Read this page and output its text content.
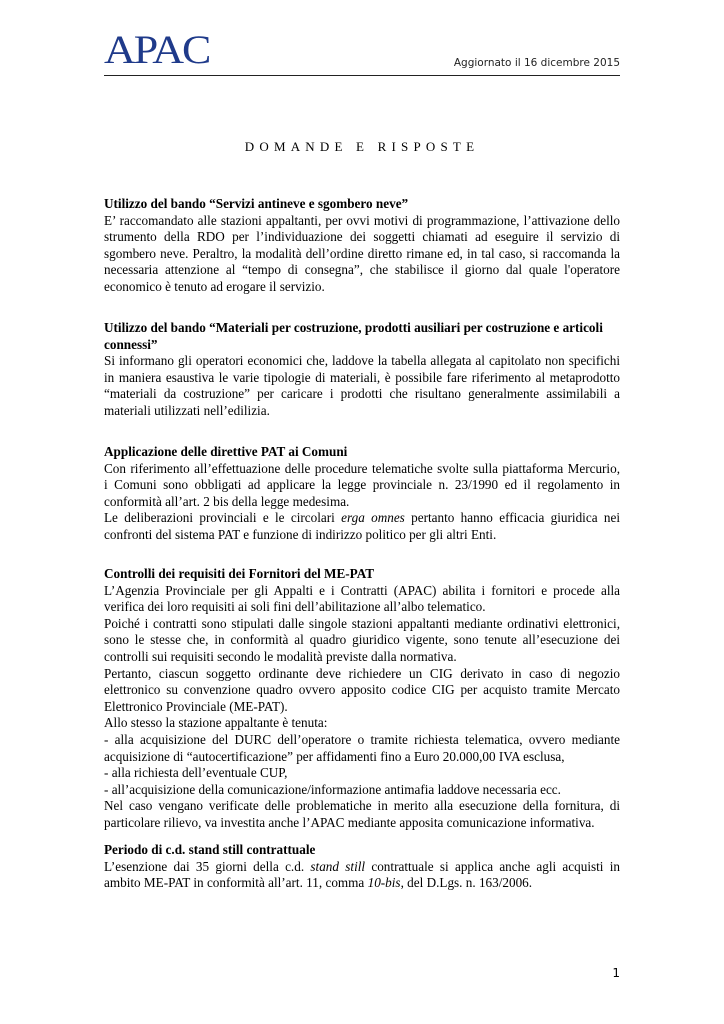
APAC	Aggiornato il 16 dicembre 2015
DOMANDE E RISPOSTE
Utilizzo del bando “Servizi antineve e sgombero neve”

E’ raccomandato alle stazioni appaltanti, per ovvi motivi di programmazione, l’attivazione dello

strumento della RDO per l’individuazione dei soggetti chiamati ad eseguire il servizio di

sgombero neve. Peraltro, la modalità dell’ordine diretto rimane ed, in tal caso, si raccomanda la

necessaria attenzione al “tempo di consegna”, che stabilisce il giorno dal quale l'operatore

economico è tenuto ad erogare il servizio.

Utilizzo del bando “Materiali per costruzione, prodotti ausiliari per costruzione e articoli connessi”

Si informano gli operatori economici che, laddove la tabella allegata al capitolato non specifichi

in maniera esaustiva le varie tipologie di materiali, è possibile fare riferimento al metaprodotto

“materiali da costruzione” per caricare i prodotti che risultano generalmente assimilabili a

materiali utilizzati nell’edilizia.

Applicazione delle direttive PAT ai Comuni

Con riferimento all’effettuazione delle procedure telematiche svolte sulla piattaforma Mercurio,

i Comuni sono obbligati ad applicare la legge provinciale n. 23/1990 ed il regolamento in

conformità all’art. 2 bis della legge medesima.

Le deliberazioni provinciali e le circolari erga omnes pertanto hanno efficacia giuridica nei

confronti del sistema PAT e funzione di indirizzo politico per gli altri Enti.

Controlli dei requisiti dei Fornitori del ME-PAT

L’Agenzia Provinciale per gli Appalti e i Contratti (APAC) abilita i fornitori e procede alla

verifica dei loro requisiti ai soli fini dell’abilitazione all’albo telematico.

Poiché i contratti sono stipulati dalle singole stazioni appaltanti mediante ordinativi elettronici,

sono le stesse che, in conformità al quadro giuridico vigente, sono tenute all’esecuzione dei

controlli sui requisiti secondo le modalità previste dalla normativa.

Pertanto, ciascun soggetto ordinante deve richiedere un CIG derivato in caso di negozio

elettronico su convenzione quadro ovvero apposito codice CIG per acquisto tramite Mercato

Elettronico Provinciale (ME-PAT).

Allo stesso la stazione appaltante è tenuta:

- alla acquisizione del DURC dell’operatore o tramite richiesta telematica, ovvero mediante

acquisizione di “autocertificazione” per affidamenti fino a Euro 20.000,00 IVA esclusa,

- alla richiesta dell’eventuale CUP,

- all’acquisizione della comunicazione/informazione antimafia laddove necessaria ecc.

Nel caso vengano verificate delle problematiche in merito alla esecuzione della fornitura, di

particolare rilievo, va investita anche l’APAC mediante apposita comunicazione informativa.

Periodo di c.d. stand still contrattuale

L’esenzione dai 35 giorni della c.d. stand still contrattuale si applica anche agli acquisti in

ambito ME-PAT in conformità all’art. 11, comma 10-bis, del D.Lgs. n. 163/2006.

1
